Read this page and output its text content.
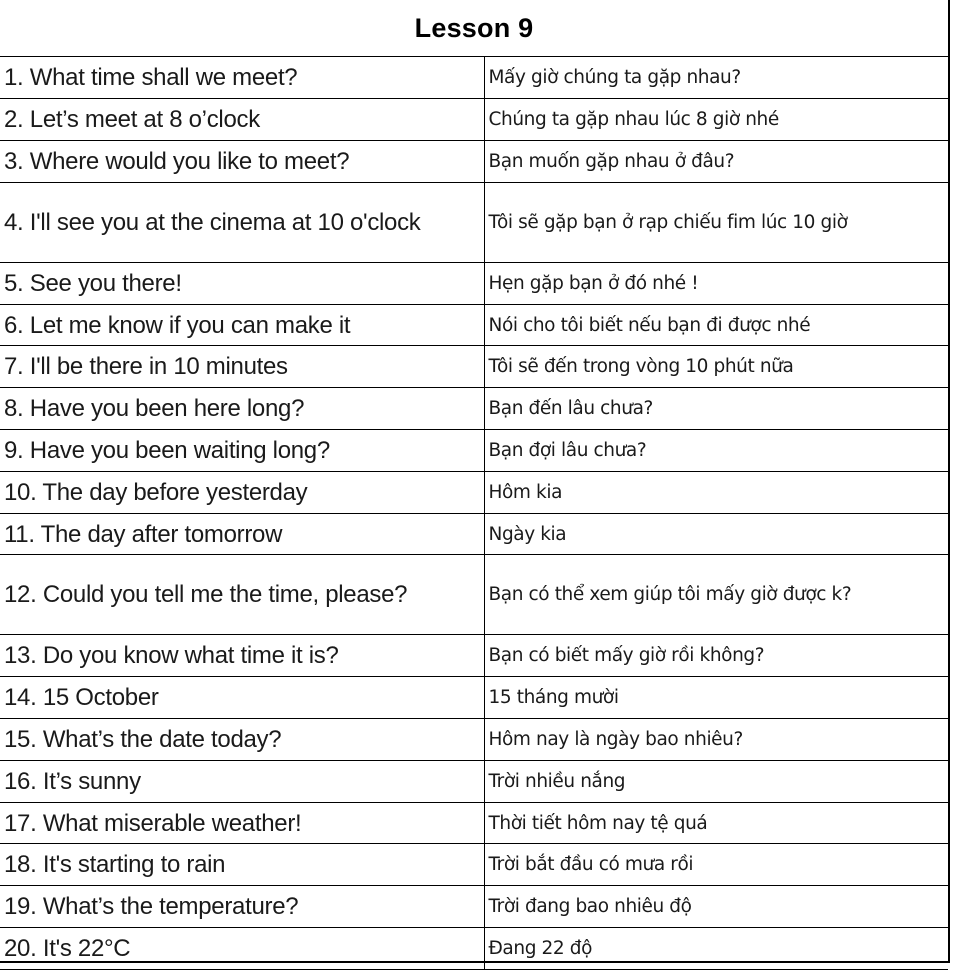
Lesson 9
1. What time shall we meet?	Mấy giờ chúng ta gặp nhau?
2. Let’s meet at 8 o’clock	Chúng ta gặp nhau lúc 8 giờ nhé
3. Where would you like to meet?	Bạn muốn gặp nhau ở đâu?
4. I'll see you at the cinema at 10 o'clock	Tôi sẽ gặp bạn ở rạp chiếu fim lúc 10 giờ
5. See you there!	Hẹn gặp bạn ở đó nhé !
6. Let me know if you can make it	Nói cho tôi biết nếu bạn đi được nhé
7. I'll be there in 10 minutes	Tôi sẽ đến trong vòng 10 phút nữa
8. Have you been here long?	Bạn đến lâu chưa?
9. Have you been waiting long?	Bạn đợi lâu chưa?
10. The day before yesterday	Hôm kia
11. The day after tomorrow	Ngày kia
12. Could you tell me the time, please?	Bạn có thể xem giúp tôi mấy giờ được k?
13. Do you know what time it is?	Bạn có biết mấy giờ rồi không?
14. 15 October	15 tháng mười
15. What’s the date today?	Hôm nay là ngày bao nhiêu?
16. It’s sunny	Trời nhiều nắng
17. What miserable weather!	Thời tiết hôm nay tệ quá
18. It's starting to rain	Trời bắt đầu có mưa rồi
19. What’s the temperature?	Trời đang bao nhiêu độ
20. It's 22°C	Đang 22 độ
